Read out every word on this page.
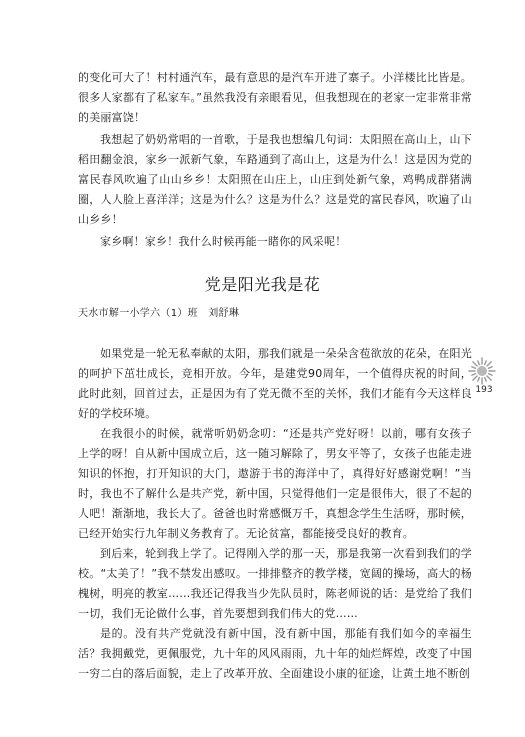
的变化可大了！村村通汽车，最有意思的是汽车开进了寨子。小洋楼比比皆是。很多人家都有了私家车。”虽然我没有亲眼看见，但我想现在的老家一定非常非常的美丽富饶！

我想起了奶奶常唱的一首歌，于是我也想编几句词：太阳照在高山上，山下稻田翻金浪，家乡一派新气象，车路通到了高山上，这是为什么！这是因为党的富民春风吹遍了山山乡乡！太阳照在山庄上，山庄到处新气象，鸡鸭成群猪满圈，人人脸上喜洋洋；这是为什么？这是为什么？这是党的富民春风，吹遍了山山乡乡！

家乡啊！家乡！我什么时候再能一睹你的风采呢！

党是阳光我是花
天水市解一小学六（1）班　刘舒琳

如果党是一轮无私奉献的太阳，那我们就是一朵朵含苞欲放的花朵，在阳光的呵护下茁壮成长，竞相开放。今年，是建党90周年，一个值得庆祝的时间，此时此刻，回首过去，正是因为有了党无微不至的关怀，我们才能有今天这样良好的学校环境。

在我很小的时候，就常听奶奶念叨：“还是共产党好呀！以前，哪有女孩子上学的呀！自从新中国成立后，这一随习解除了，男女平等了，女孩子也能走进知识的怀抱，打开知识的大门，遨游于书的海洋中了，真得好好感谢党啊！”当时，我也不了解什么是共产党，新中国，只觉得他们一定是很伟大，很了不起的人吧！渐渐地，我长大了。爸爸也时常感慨万千，真想念学生生活呀，那时候，已经开始实行九年制义务教育了。无论贫富，都能接受良好的教育。

到后来，轮到我上学了。记得刚入学的那一天，那是我第一次看到我们的学校。“太美了！”我不禁发出感叹。一排排整齐的教学楼，宽阔的操场，高大的杨槐树，明亮的教室……我还记得我当少先队员时，陈老师说的话：是党给了我们一切，我们无论做什么事，首先要想到我们伟大的党……

是的。没有共产党就没有新中国，没有新中国，那能有我们如今的幸福生活？我拥戴党，更佩服党，九十年的风风雨雨，九十年的灿烂辉煌，改变了中国一穷二白的落后面貌，走上了改革开放、全面建设小康的征途，让黄土地不断创

193
